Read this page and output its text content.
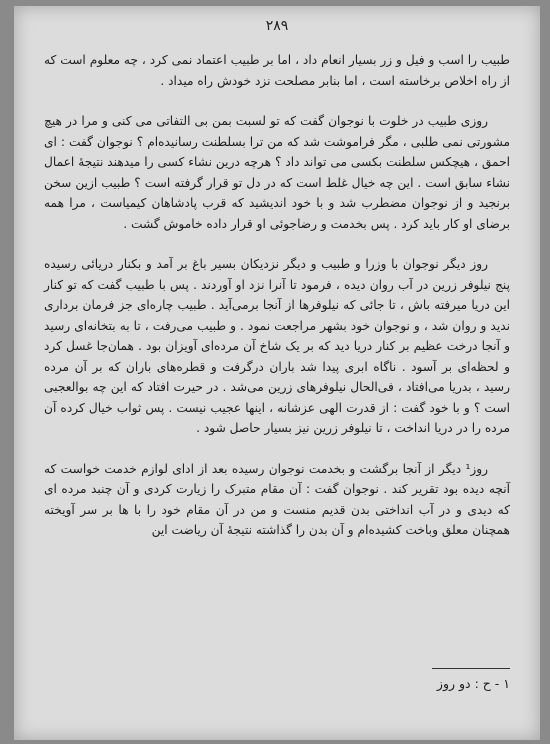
۲۸۹

طبیب را اسب و فیل و زر بسیار انعام داد ، اما بر طبیب اعتماد نمی کرد ، چه معلوم است که از راه اخلاص برخاسته است ، اما بنابر مصلحت نزد خودش راه میداد .

روزی طبیب در خلوت با نوجوان گفت که تو لسبت بمن بی التفاتی می کنی و مرا در هیچ مشورتی نمی طلبی ، مگر فراموشت شد که من ترا بسلطنت رسانیده‌ام ؟ نوجوان گفت : ای احمق ، هیچکس سلطنت بکسی می تواند داد ؟ هرچه درین نشاء کسی را میدهند نتیجهٔ اعمال نشاء سابق است . این چه خیال غلط است که در دل تو قرار گرفته است ؟ طبیب ازین سخن برنجید و از نوجوان مضطرب شد و با خود اندیشید که قرب پادشاهان کیمیاست ، مرا همه برضای او کار باید کرد . پس بخدمت و رضاجوئی او قرار داده خاموش گشت .

روز دیگر نوجوان با وزرا و طبیب و دیگر نزدیکان بسیر باغ بر آمد و بکنار دریائی رسیده پنج نیلوفر زرین در آب روان دیده ، فرمود تا آنرا نزد او آوردند . پس با طبیب گفت که تو کنار این دریا میرفته باش ، تا جائی که نیلوفرها از آنجا برمی‌آید . طبیب چاره‌ای جز فرمان برداری ندید و روان شد ، و نوجوان خود بشهر مراجعت نمود . و طبیب می‌رفت ، تا به بتخانه‌ای رسید و آنجا درخت عظیم بر کنار دریا دید که بر یک شاخ آن مرده‌ای آویزان بود . همان‌جا غسل کرد و لحظه‌ای بر آسود . ناگاه ابری پیدا شد باران درگرفت و قطره‌های باران که بر آن مرده رسید ، بدریا می‌افتاد ، فی‌الحال نیلوفرهای زرین می‌شد . در حیرت افتاد که این چه بوالعجبی است ؟ و با خود گفت : از قدرت الهی عزشانه ، اینها عجیب نیست . پس ثواب خیال کرده آن مرده را در دریا انداخت ، تا نیلوفر زرین نیز بسیار حاصل شود .

روز¹ دیگر از آنجا برگشت و بخدمت نوجوان رسیده بعد از ادای لوازم خدمت خواست که آنچه دیده بود تقریر کند . نوجوان گفت : آن مقام متبرک را زیارت کردی و آن چنبد مرده ای که دیدی و در آب انداختی بدن قدیم منست و من در آن مقام خود را با ها بر سر آویخته همچنان معلق وباخت کشیده‌ام و آن بدن را گذاشته نتیجهٔ آن ریاضت این

۱ - ح : دو روز
